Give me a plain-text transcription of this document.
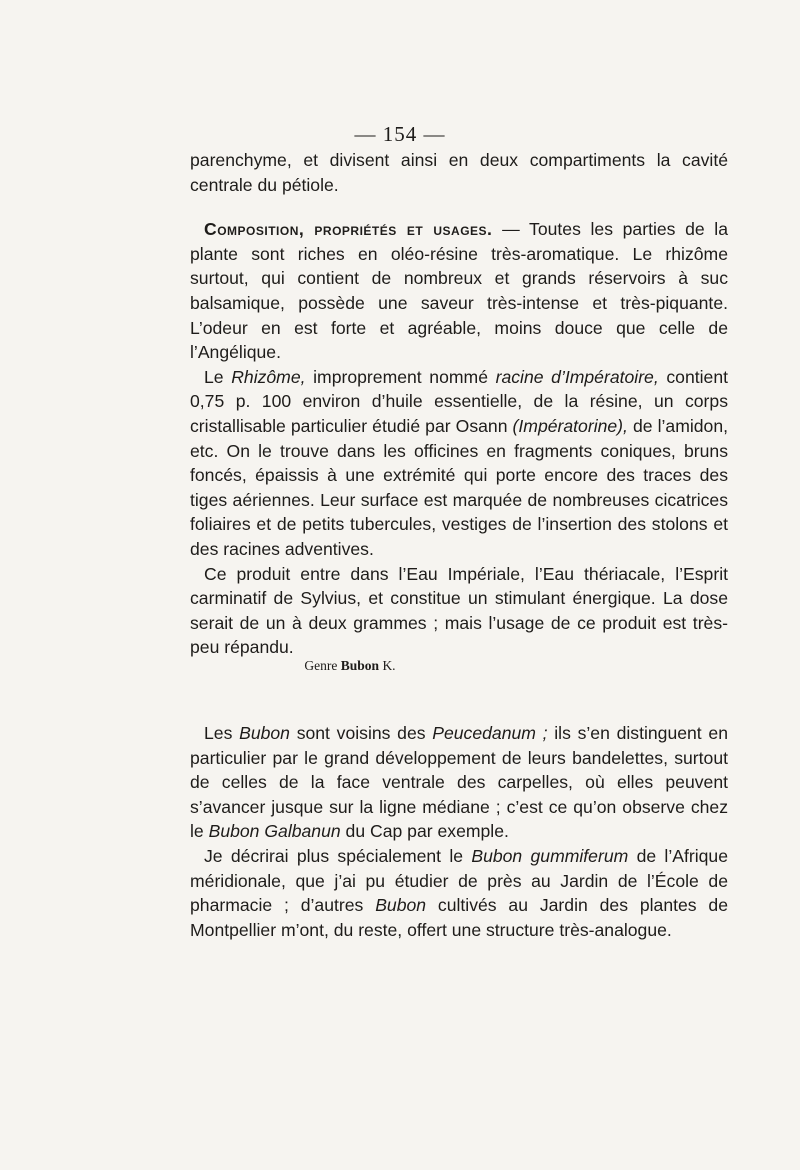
— 154 —

parenchyme, et divisent ainsi en deux compartiments la cavité centrale du pétiole.

Composition, propriétés et usages. — Toutes les parties de la plante sont riches en oléo-résine très-aromatique. Le rhizôme surtout, qui contient de nombreux et grands réservoirs à suc balsamique, possède une saveur très-intense et très-piquante. L’odeur en est forte et agréable, moins douce que celle de l’Angélique.

Le Rhizôme, improprement nommé racine d’Impératoire, contient 0,75 p. 100 environ d’huile essentielle, de la résine, un corps cristallisable particulier étudié par Osann (Impératorine), de l’amidon, etc. On le trouve dans les officines en fragments coniques, bruns foncés, épaissis à une extrémité qui porte encore des traces des tiges aériennes. Leur surface est marquée de nombreuses cicatrices foliaires et de petits tubercules, vestiges de l’insertion des stolons et des racines adventives.

Ce produit entre dans l’Eau Impériale, l’Eau thériacale, l’Esprit carminatif de Sylvius, et constitue un stimulant énergique. La dose serait de un à deux grammes ; mais l’usage de ce produit est très-peu répandu.

Genre Bubon K.

Les Bubon sont voisins des Peucedanum ; ils s’en distinguent en particulier par le grand développement de leurs bandelettes, surtout de celles de la face ventrale des carpelles, où elles peuvent s’avancer jusque sur la ligne médiane ; c’est ce qu’on observe chez le Bubon Galbanun du Cap par exemple.

Je décrirai plus spécialement le Bubon gummiferum de l’Afrique méridionale, que j’ai pu étudier de près au Jardin de l’École de pharmacie ; d’autres Bubon cultivés au Jardin des plantes de Montpellier m’ont, du reste, offert une structure très-analogue.
